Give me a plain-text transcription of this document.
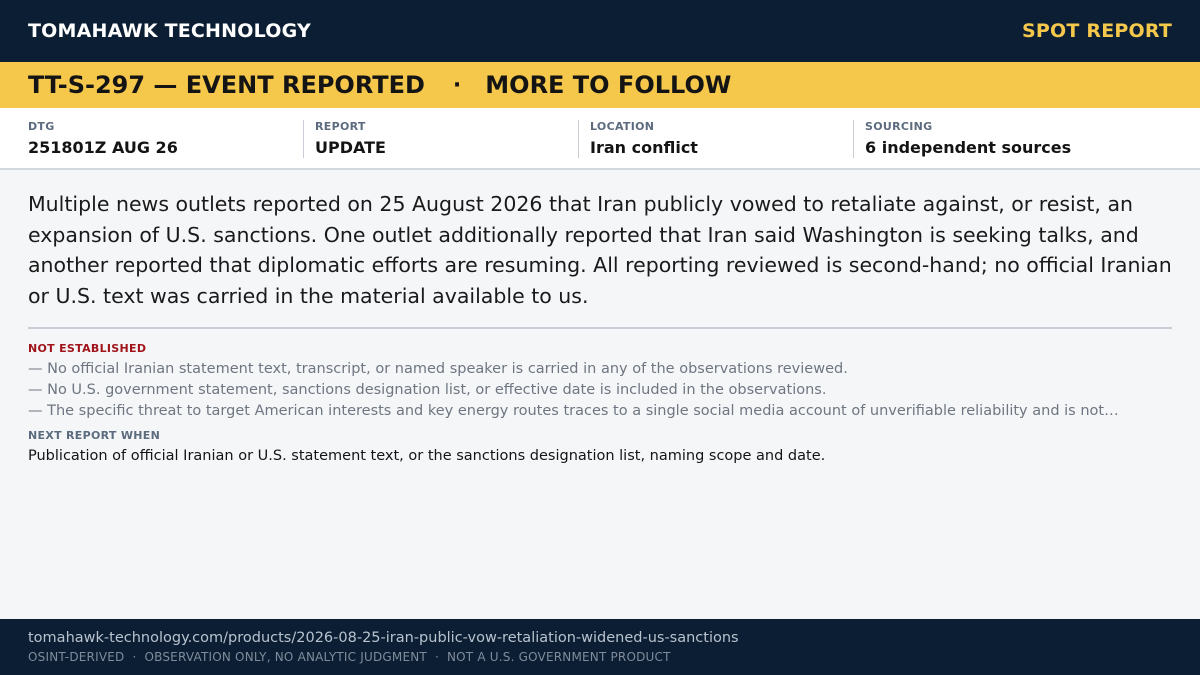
TOMAHAWK TECHNOLOGY	SPOT REPORT
TT-S-297 — EVENT REPORTED · MORE TO FOLLOW
DTG
251801Z AUG 26
REPORT
UPDATE
LOCATION
Iran conflict
SOURCING
6 independent sources

Multiple news outlets reported on 25 August 2026 that Iran publicly vowed to retaliate against, or resist, an expansion of U.S. sanctions. One outlet additionally reported that Iran said Washington is seeking talks, and another reported that diplomatic efforts are resuming. All reporting reviewed is second-hand; no official Iranian or U.S. text was carried in the material available to us.

NOT ESTABLISHED
— No official Iranian statement text, transcript, or named speaker is carried in any of the observations reviewed.
— No U.S. government statement, sanctions designation list, or effective date is included in the observations.
— The specific threat to target American interests and key energy routes traces to a single social media account of unverifiable reliability and is not…
NEXT REPORT WHEN
Publication of official Iranian or U.S. statement text, or the sanctions designation list, naming scope and date.
tomahawk-technology.com/products/2026-08-25-iran-public-vow-retaliation-widened-us-sanctions
OSINT-DERIVED · OBSERVATION ONLY, NO ANALYTIC JUDGMENT · NOT A U.S. GOVERNMENT PRODUCT
